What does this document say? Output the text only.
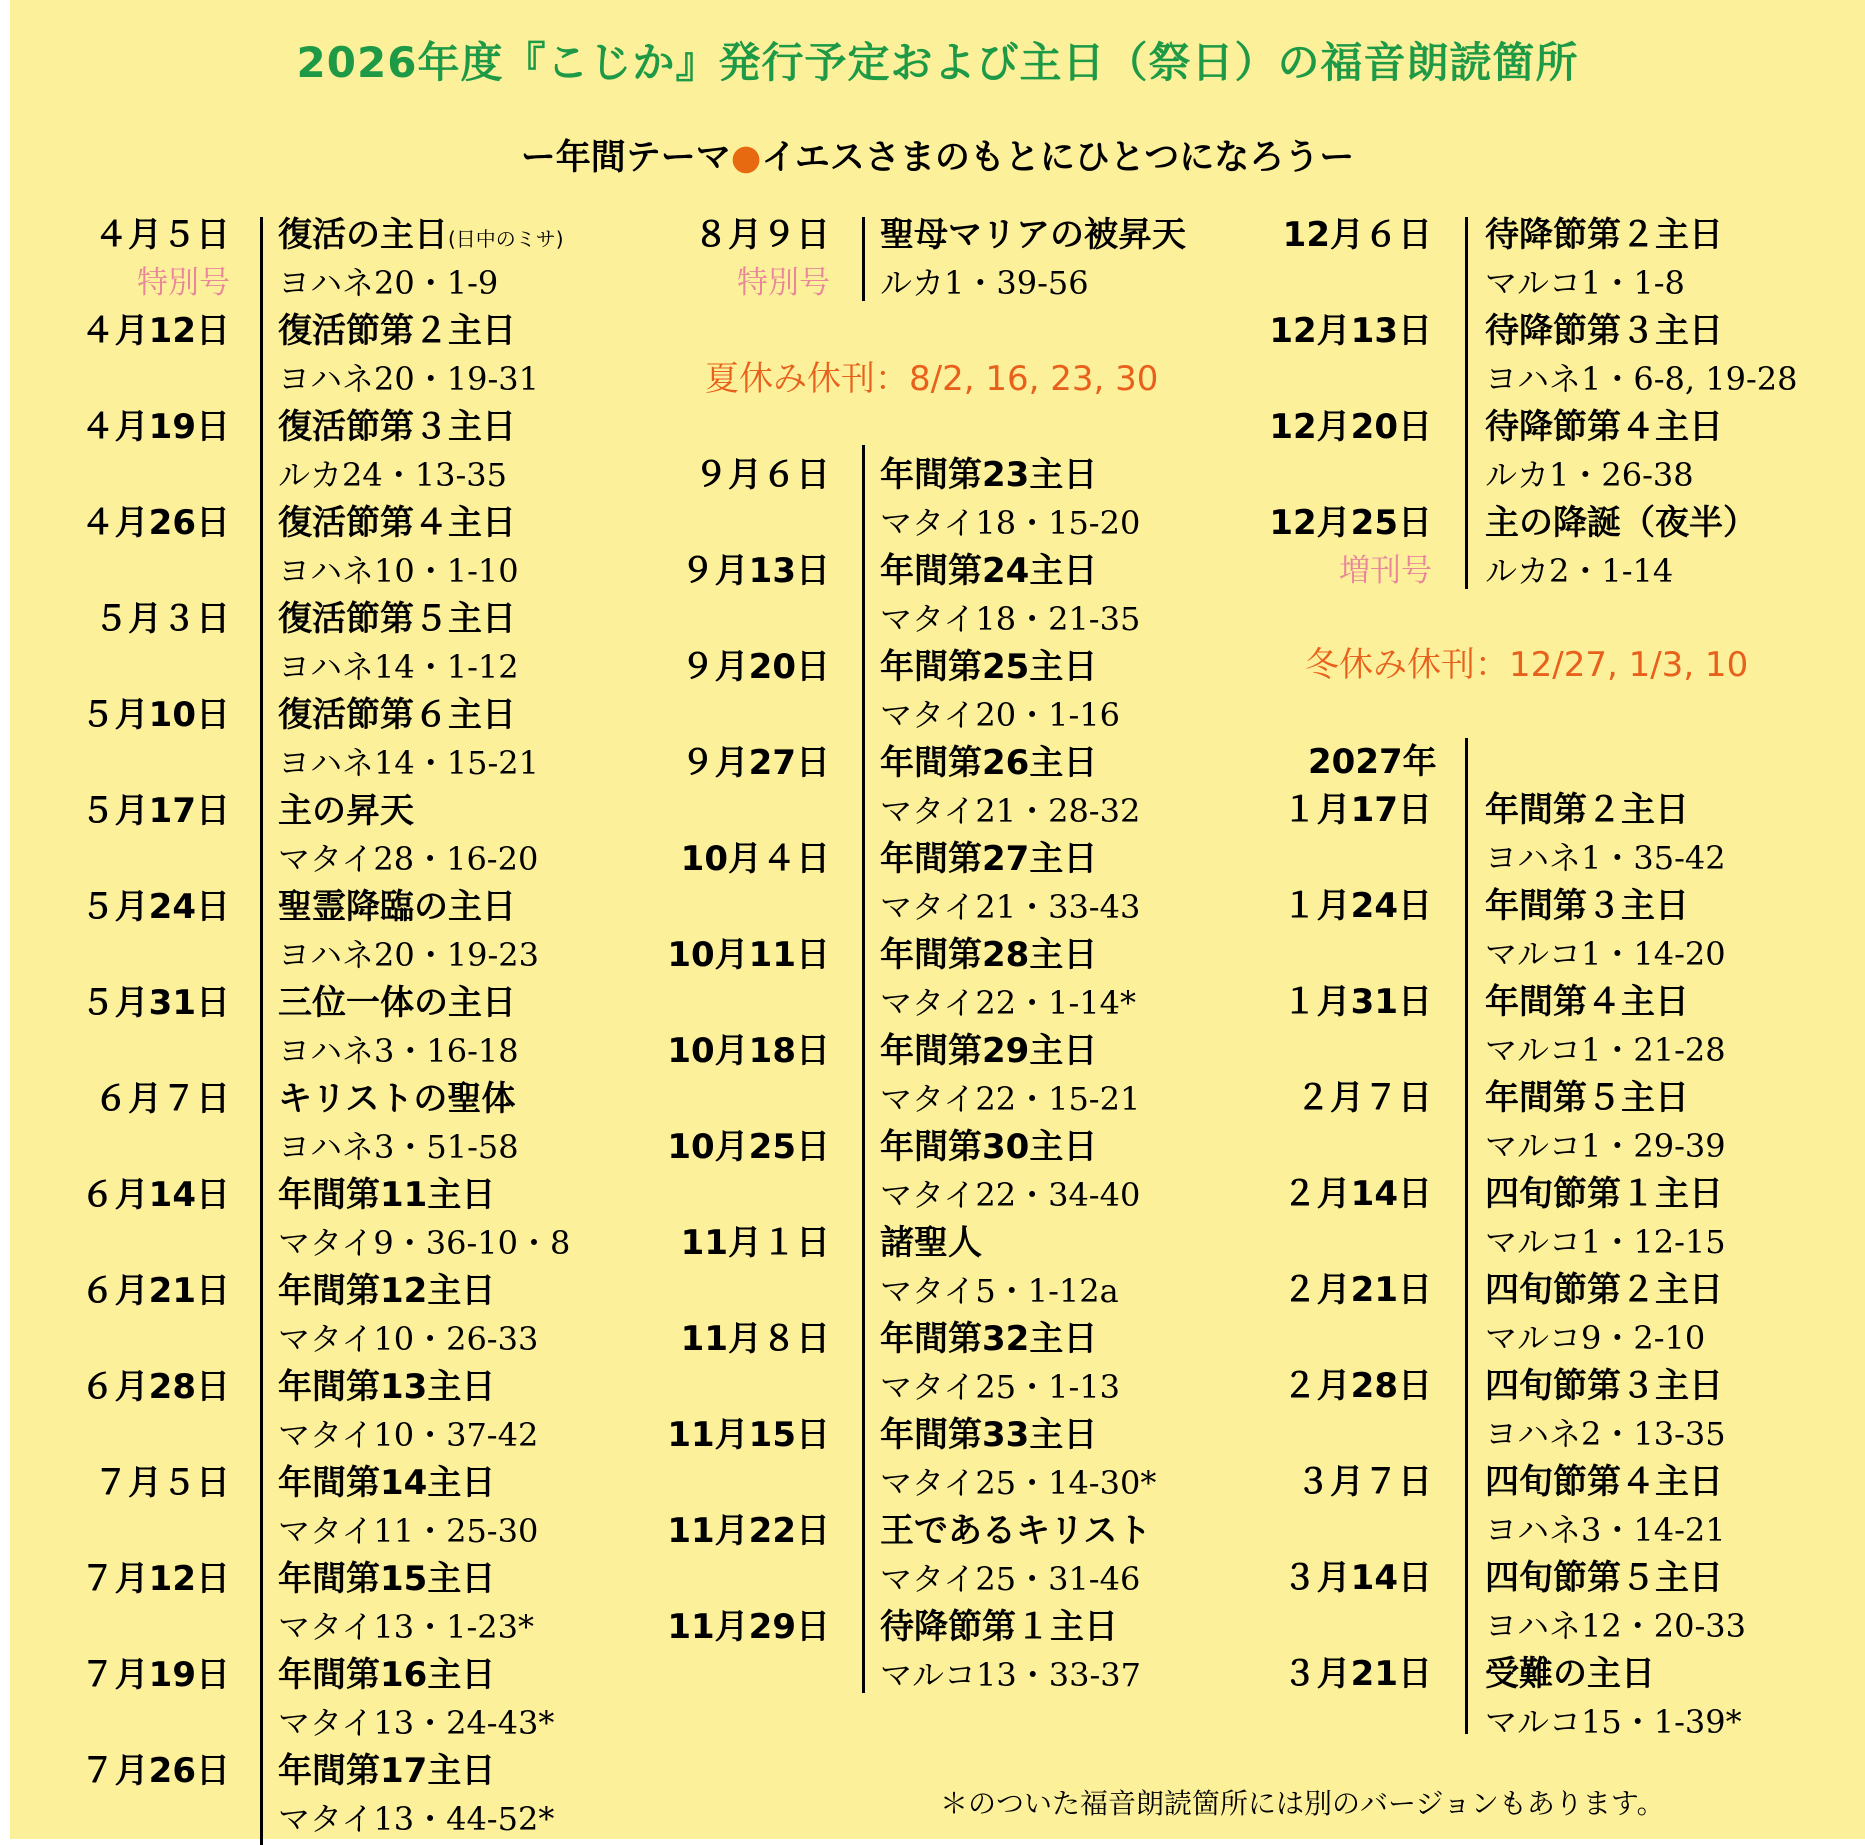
2026年度『こじか』発行予定および主日（祭日）の福音朗読箇所
ー年間テーマ●イエスさまのもとにひとつになろうー
４月５日 復活の主日(日中のミサ)
ヨハネ20・1-9
特別号
４月12日 復活節第２主日
ヨハネ20・19-31
４月19日 復活節第３主日
ルカ24・13-35
４月26日 復活節第４主日
ヨハネ10・1-10
５月３日 復活節第５主日
ヨハネ14・1-12
５月10日 復活節第６主日
ヨハネ14・15-21
５月17日 主の昇天
マタイ28・16-20
５月24日 聖霊降臨の主日
ヨハネ20・19-23
５月31日 三位一体の主日
ヨハネ3・16-18
６月７日 キリストの聖体
ヨハネ3・51-58
６月14日 年間第11主日
マタイ9・36-10・8
６月21日 年間第12主日
マタイ10・26-33
６月28日 年間第13主日
マタイ10・37-42
７月５日 年間第14主日
マタイ11・25-30
７月12日 年間第15主日
マタイ13・1-23*
７月19日 年間第16主日
マタイ13・24-43*
７月26日 年間第17主日
マタイ13・44-52*
８月９日 聖母マリアの被昇天
ルカ1・39-56
特別号
夏休み休刊：8/2, 16, 23, 30
９月６日 年間第23主日
マタイ18・15-20
９月13日 年間第24主日
マタイ18・21-35
９月20日 年間第25主日
マタイ20・1-16
９月27日 年間第26主日
マタイ21・28-32
10月４日 年間第27主日
マタイ21・33-43
10月11日 年間第28主日
マタイ22・1-14*
10月18日 年間第29主日
マタイ22・15-21
10月25日 年間第30主日
マタイ22・34-40
11月１日 諸聖人
マタイ5・1-12a
11月８日 年間第32主日
マタイ25・1-13
11月15日 年間第33主日
マタイ25・14-30*
11月22日 王であるキリスト
マタイ25・31-46
11月29日 待降節第１主日
マルコ13・33-37
12月６日 待降節第２主日
マルコ1・1-8
12月13日 待降節第３主日
ヨハネ1・6-8, 19-28
12月20日 待降節第４主日
ルカ1・26-38
12月25日 主の降誕（夜半）
ルカ2・1-14
増刊号
冬休み休刊：12/27, 1/3, 10
2027年
１月17日 年間第２主日
ヨハネ1・35-42
１月24日 年間第３主日
マルコ1・14-20
１月31日 年間第４主日
マルコ1・21-28
２月７日 年間第５主日
マルコ1・29-39
２月14日 四旬節第１主日
マルコ1・12-15
２月21日 四旬節第２主日
マルコ9・2-10
２月28日 四旬節第３主日
ヨハネ2・13-35
３月７日 四旬節第４主日
ヨハネ3・14-21
３月14日 四旬節第５主日
ヨハネ12・20-33
３月21日 受難の主日
マルコ15・1-39*
＊のついた福音朗読箇所には別のバージョンもあります。
